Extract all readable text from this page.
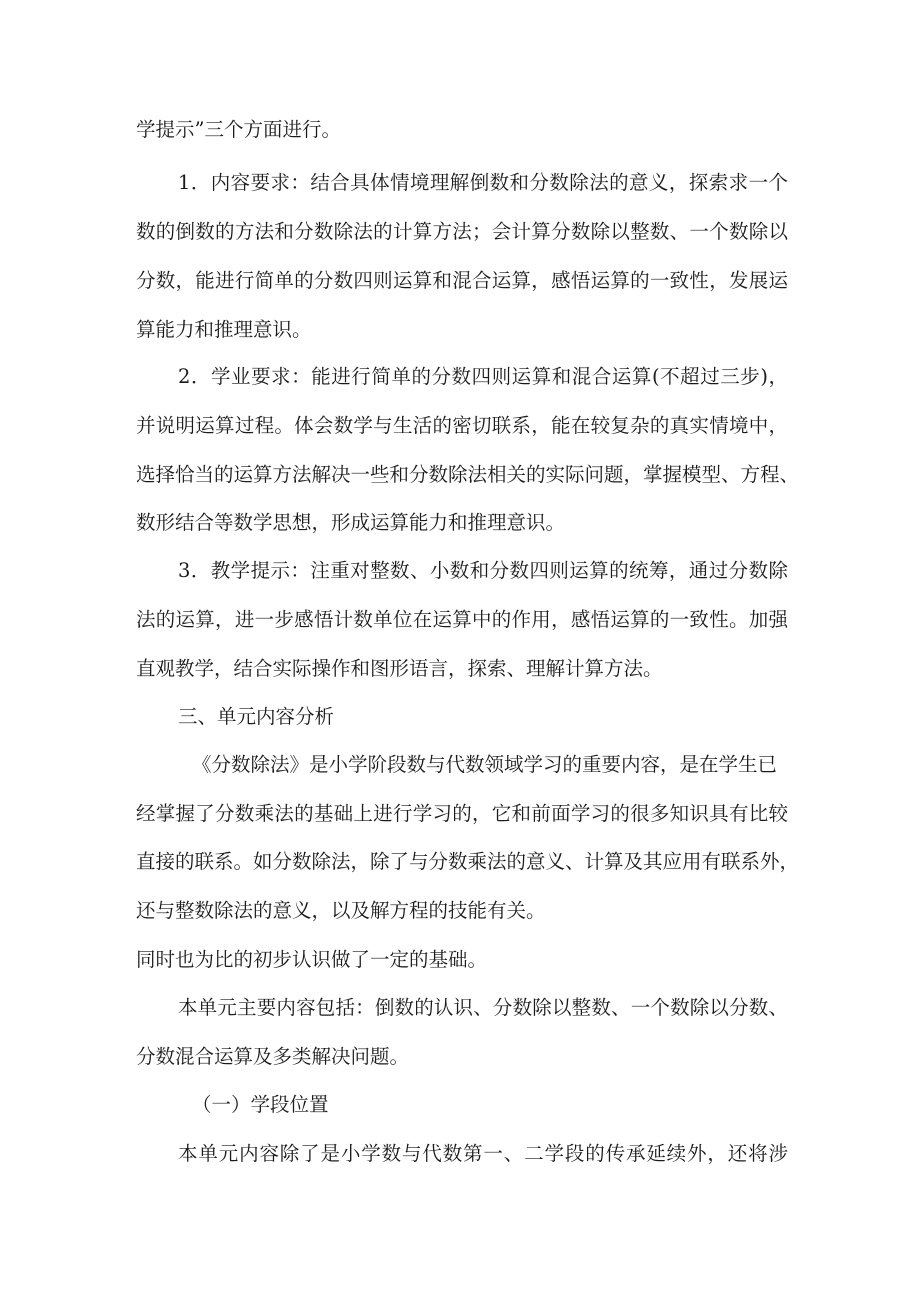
学提示”三个方面进行。

1．内容要求：结合具体情境理解倒数和分数除法的意义，探索求一个

数的倒数的方法和分数除法的计算方法；会计算分数除以整数、一个数除以

分数，能进行简单的分数四则运算和混合运算，感悟运算的一致性，发展运

算能力和推理意识。

2．学业要求：能进行简单的分数四则运算和混合运算(不超过三步)，

并说明运算过程。体会数学与生活的密切联系，能在较复杂的真实情境中，

选择恰当的运算方法解决一些和分数除法相关的实际问题，掌握模型、方程、

数形结合等数学思想，形成运算能力和推理意识。

3．教学提示：注重对整数、小数和分数四则运算的统筹，通过分数除

法的运算，进一步感悟计数单位在运算中的作用，感悟运算的一致性。加强

直观教学，结合实际操作和图形语言，探索、理解计算方法。

三、单元内容分析

《分数除法》是小学阶段数与代数领域学习的重要内容，是在学生已

经掌握了分数乘法的基础上进行学习的，它和前面学习的很多知识具有比较

直接的联系。如分数除法，除了与分数乘法的意义、计算及其应用有联系外，

还与整数除法的意义，以及解方程的技能有关。

同时也为比的初步认识做了一定的基础。

本单元主要内容包括：倒数的认识、分数除以整数、一个数除以分数、

分数混合运算及多类解决问题。

（一）学段位置

本单元内容除了是小学数与代数第一、二学段的传承延续外，还将涉
